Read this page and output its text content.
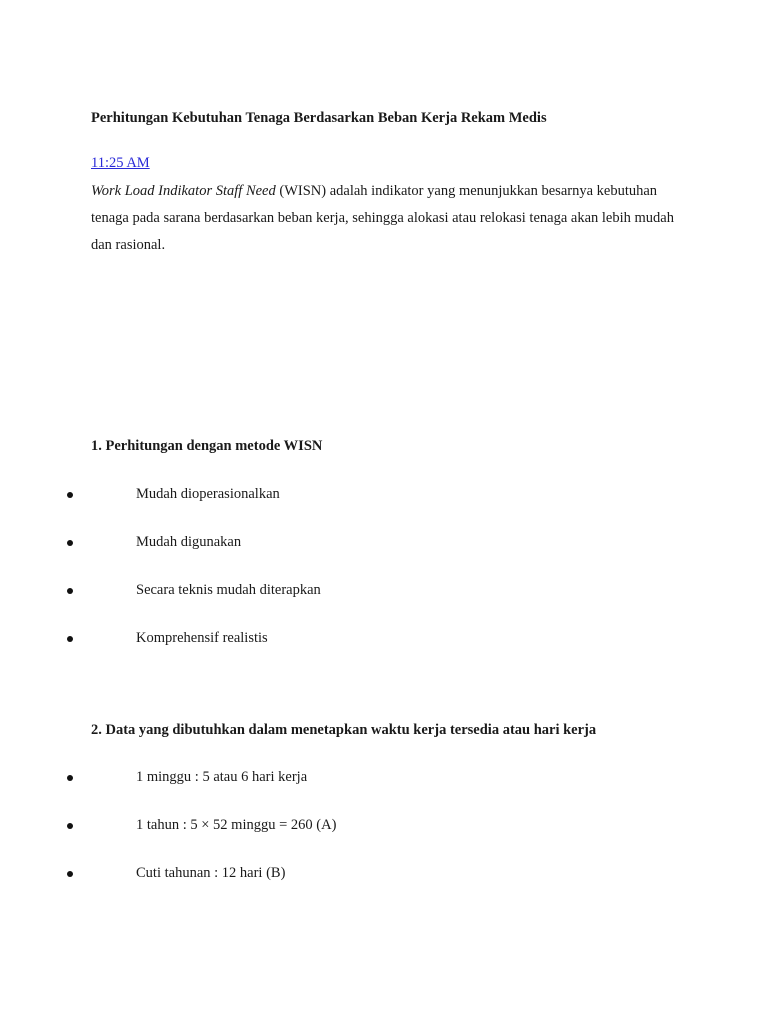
Perhitungan Kebutuhan Tenaga Berdasarkan Beban Kerja Rekam Medis
11:25 AM

Work Load Indikator Staff Need (WISN) adalah indikator yang menunjukkan besarnya kebutuhan tenaga pada sarana berdasarkan beban kerja, sehingga alokasi atau relokasi tenaga akan lebih mudah dan rasional.

1. Perhitungan dengan metode WISN
Mudah dioperasionalkan
Mudah digunakan
Secara teknis mudah diterapkan
Komprehensif realistis
2. Data yang dibutuhkan dalam menetapkan waktu kerja tersedia atau hari kerja
1 minggu : 5 atau 6 hari kerja
1 tahun : 5 × 52 minggu = 260 (A)
Cuti tahunan : 12 hari (B)
